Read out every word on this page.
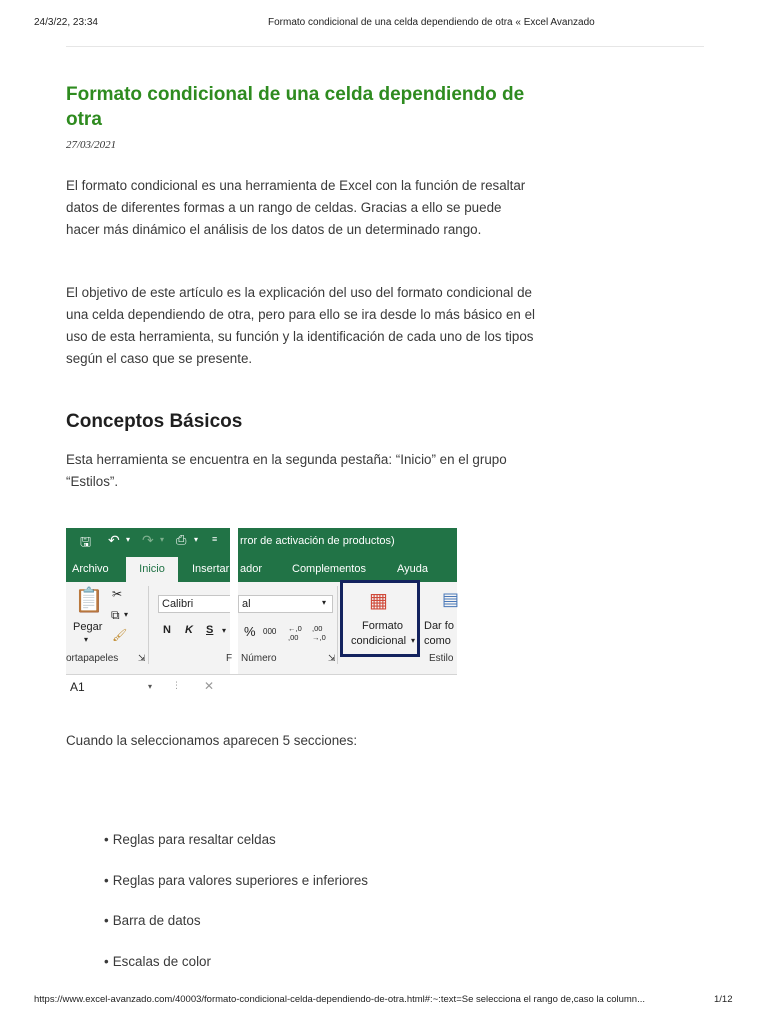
24/3/22, 23:34	Formato condicional de una celda dependiendo de otra « Excel Avanzado
Formato condicional de una celda dependiendo de otra
27/03/2021

El formato condicional es una herramienta de Excel con la función de resaltar datos de diferentes formas a un rango de celdas. Gracias a ello se puede hacer más dinámico el análisis de los datos de un determinado rango.

El objetivo de este artículo es la explicación del uso del formato condicional de una celda dependiendo de otra, pero para ello se ira desde lo más básico en el uso de esta herramienta, su función y la identificación de cada uno de los tipos según el caso que se presente.

Conceptos Básicos

Esta herramienta se encuentra en la segunda pestaña: “Inicio” en el grupo “Estilos”.

🖫 ↶ ▾ ↷ ▾ ⎙ ▾ ≡ rror de activación de productos)
Archivo	Insertar ador	Complementos	Ayuda
Inicio
📋
Pegar
▾
✂
⧉ ▾
🖌
ortapapeles ⇲
Calibri
N K S ▾
al	▾
% 000 ←,0 ,00
,00 →,0
F Número	⇲
▦
Formato
condicional ▾
▤
Dar fo
como
Estilo
A1	▾ ⋮ ✕

Cuando la seleccionamos aparecen 5 secciones:

• Reglas para resaltar celdas
• Reglas para valores superiores e inferiores
• Barra de datos
• Escalas de color
https://www.excel-avanzado.com/40003/formato-condicional-celda-dependiendo-de-otra.html#:~:text=Se selecciona el rango de,caso la column...	1/12
